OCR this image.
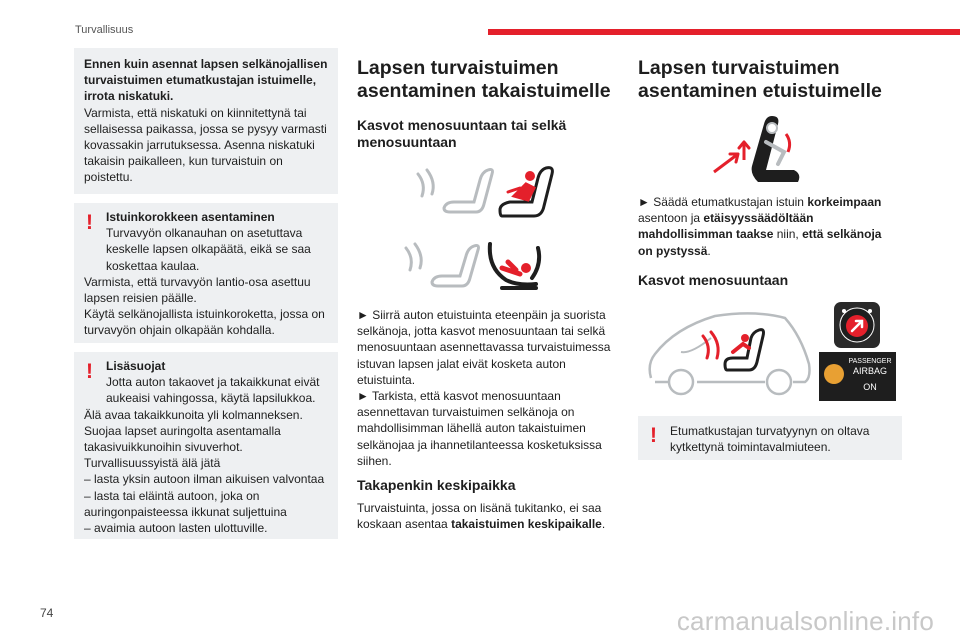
Turvallisuus

Ennen kuin asennat lapsen selkänojallisen turvaistuimen etumatkustajan istuimelle, irrota niskatuki.

Varmista, että niskatuki on kiinnitettynä tai sellaisessa paikassa, jossa se pysyy varmasti kovassakin jarrutuksessa. Asenna niskatuki takaisin paikalleen, kun turvaistuin on poistettu.

!	Istuinkorokkeen asentaminen

Turvavyön olkanauhan on asetuttava keskelle lapsen olkapäätä, eikä se saa koskettaa kaulaa.

Varmista, että turvavyön lantio-osa asettuu lapsen reisien päälle.

Käytä selkänojallista istuinkoroketta, jossa on turvavyön ohjain olkapään kohdalla.

!	Lisäsuojat

Jotta auton takaovet ja takaikkunat eivät aukeaisi vahingossa, käytä lapsilukkoa.

Älä avaa takaikkunoita yli kolmanneksen.

Suojaa lapset auringolta asentamalla takasivuikkunoihin sivuverhot.

Turvallisuussyistä älä jätä

– lasta yksin autoon ilman aikuisen valvontaa

– lasta tai eläintä autoon, joka on auringonpaisteessa ikkunat suljettuina

– avaimia autoon lasten ulottuville.

Lapsen turvaistuimen asentaminen takaistuimelle
Kasvot menosuuntaan tai selkä menosuuntaan

► Siirrä auton etuistuinta eteenpäin ja suorista selkänoja, jotta kasvot menosuuntaan tai selkä menosuuntaan asennettavassa turvaistuimessa istuvan lapsen jalat eivät kosketa auton etuistuinta.

► Tarkista, että kasvot menosuuntaan asennettavan turvaistuimen selkänoja on mahdollisimman lähellä auton takaistuimen selkänojaa ja ihannetilanteessa kosketuksissa siihen.

Takapenkin keskipaikka

Turvaistuinta, jossa on lisänä tukitanko, ei saa koskaan asentaa takaistuimen keskipaikalle.

Lapsen turvaistuimen asentaminen etuistuimelle

► Säädä etumatkustajan istuin korkeimpaan asentoon ja etäisyyssäädöltään mahdollisimman taakse niin, että selkänoja on pystyssä.

Kasvot menosuuntaan
PASSENGER
AIRBAG
ON
!	Etumatkustajan turvatyynyn on oltava kytkettynä toimintavalmiuteen.

74	carmanualsonline.info
